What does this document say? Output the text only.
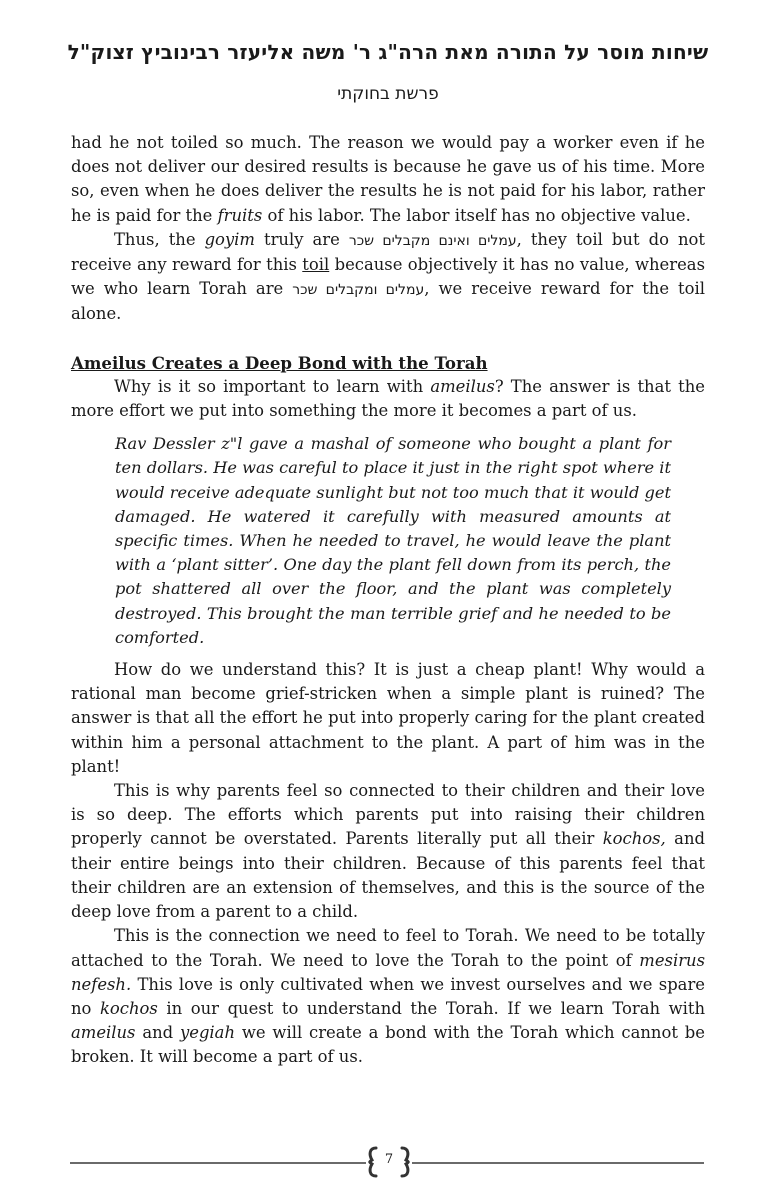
שיחות מוסר על התורה מאת הרה"ג ר' משה אליעזר רבינוביץ זצוק"ל
פרשת בחוקתי

had he not toiled so much. The reason we would pay a worker even if he does not deliver our desired results is because he gave us of his time. More so, even when he does deliver the results he is not paid for his labor, rather he is paid for the fruits of his labor. The labor itself has no objective value.

Thus, the goyim truly are עמלים ואינם מקבלים שכר, they toil but do not receive any reward for this toil because objectively it has no value, whereas we who learn Torah are עמלים ומקבלים שכר, we receive reward for the toil alone.

Ameilus Creates a Deep Bond with the Torah

Why is it so important to learn with ameilus? The answer is that the more effort we put into something the more it becomes a part of us.

Rav Dessler z"l gave a mashal of someone who bought a plant for ten dollars. He was careful to place it just in the right spot where it would receive adequate sunlight but not too much that it would get damaged. He watered it carefully with measured amounts at specific times. When he needed to travel, he would leave the plant with a ‘plant sitter’. One day the plant fell down from its perch, the pot shattered all over the floor, and the plant was completely destroyed. This brought the man terrible grief and he needed to be comforted.

How do we understand this? It is just a cheap plant! Why would a rational man become grief-stricken when a simple plant is ruined? The answer is that all the effort he put into properly caring for the plant created within him a personal attachment to the plant. A part of him was in the plant!

This is why parents feel so connected to their children and their love is so deep. The efforts which parents put into raising their children properly cannot be overstated. Parents literally put all their kochos, and their entire beings into their children. Because of this parents feel that their children are an extension of themselves, and this is the source of the deep love from a parent to a child.

This is the connection we need to feel to Torah. We need to be totally attached to the Torah. We need to love the Torah to the point of mesirus nefesh. This love is only cultivated when we invest ourselves and we spare no kochos in our quest to understand the Torah. If we learn Torah with ameilus and yegiah we will create a bond with the Torah which cannot be broken. It will become a part of us.

7
